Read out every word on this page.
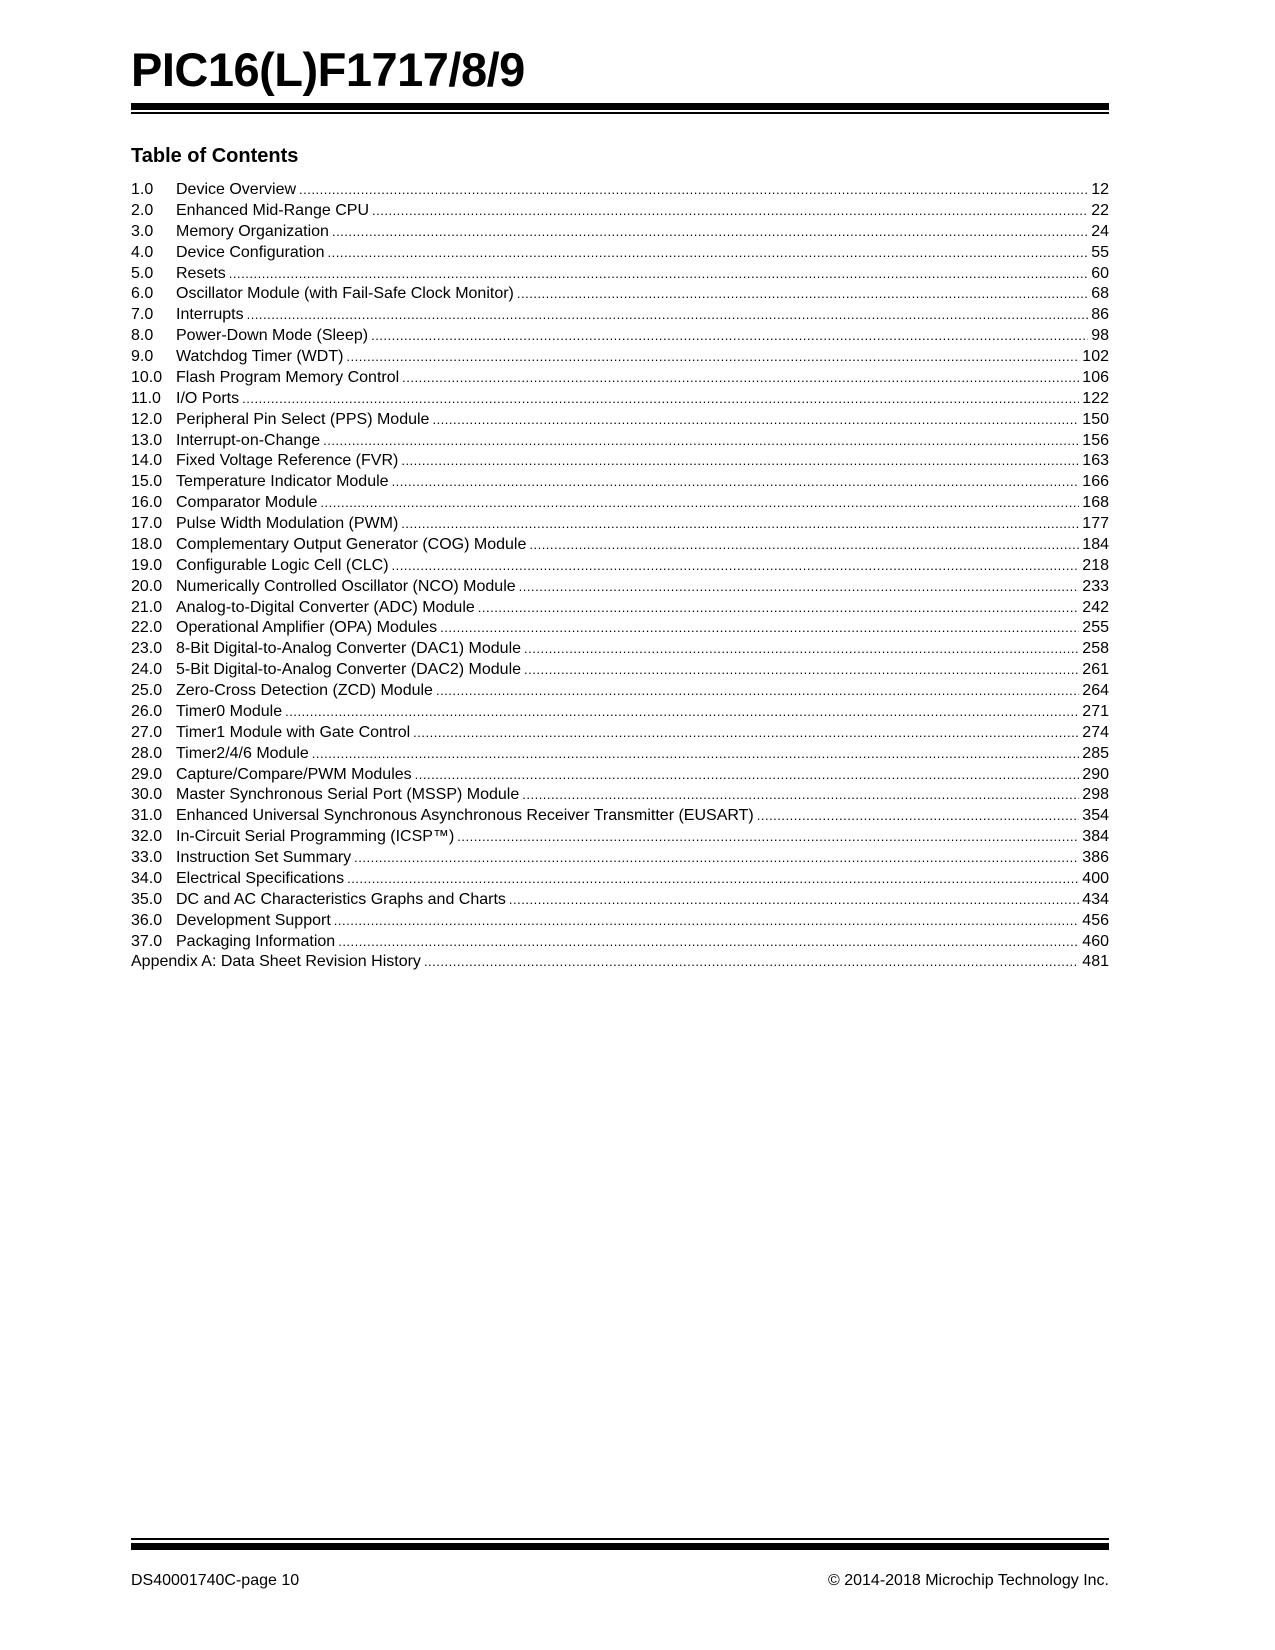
PIC16(L)F1717/8/9
Table of Contents
1.0	Device Overview .....	12
2.0	Enhanced Mid-Range CPU .....	22
3.0	Memory Organization .....	24
4.0	Device Configuration .....	55
5.0	Resets .....	60
6.0	Oscillator Module (with Fail-Safe Clock Monitor) .....	68
7.0	Interrupts .....	86
8.0	Power-Down Mode (Sleep) .....	98
9.0	Watchdog Timer (WDT) .....	102
10.0 Flash Program Memory Control .....	106
11.0 I/O Ports .....	122
12.0 Peripheral Pin Select (PPS) Module .....	150
13.0 Interrupt-on-Change .....	156
14.0 Fixed Voltage Reference (FVR) .....	163
15.0 Temperature Indicator Module .....	166
16.0 Comparator Module .....	168
17.0 Pulse Width Modulation (PWM) .....	177
18.0 Complementary Output Generator (COG) Module .....	184
19.0 Configurable Logic Cell (CLC) .....	218
20.0 Numerically Controlled Oscillator (NCO) Module .....	233
21.0 Analog-to-Digital Converter (ADC) Module .....	242
22.0 Operational Amplifier (OPA) Modules .....	255
23.0 8-Bit Digital-to-Analog Converter (DAC1) Module .....	258
24.0 5-Bit Digital-to-Analog Converter (DAC2) Module .....	261
25.0 Zero-Cross Detection (ZCD) Module .....	264
26.0 Timer0 Module .....	271
27.0 Timer1 Module with Gate Control .....	274
28.0 Timer2/4/6 Module .....	285
29.0 Capture/Compare/PWM Modules .....	290
30.0 Master Synchronous Serial Port (MSSP) Module .....	298
31.0 Enhanced Universal Synchronous Asynchronous Receiver Transmitter (EUSART) .....	354
32.0 In-Circuit Serial Programming (ICSP™) .....	384
33.0 Instruction Set Summary .....	386
34.0 Electrical Specifications .....	400
35.0 DC and AC Characteristics Graphs and Charts .....	434
36.0 Development Support .....	456
37.0 Packaging Information .....	460
Appendix A: Data Sheet Revision History .....	481
DS40001740C-page 10	© 2014-2018 Microchip Technology Inc.
